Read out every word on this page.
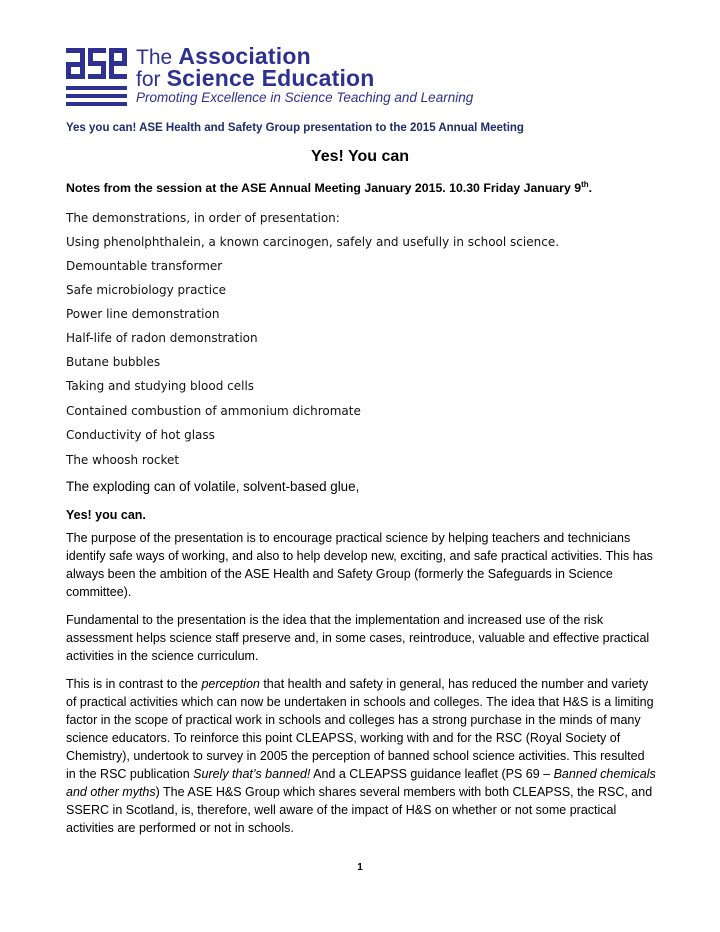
The Association
for Science Education
Promoting Excellence in Science Teaching and Learning
Yes you can! ASE Health and Safety Group presentation to the 2015 Annual Meeting
Yes! You can
Notes from the session at the ASE Annual Meeting January 2015. 10.30 Friday January 9th.
The demonstrations, in order of presentation:
Using phenolphthalein, a known carcinogen, safely and usefully in school science.
Demountable transformer
Safe microbiology practice
Power line demonstration
Half-life of radon demonstration
Butane bubbles
Taking and studying blood cells
Contained combustion of ammonium dichromate
Conductivity of hot glass
The whoosh rocket
The exploding can of volatile, solvent-based glue,
Yes! you can.
The purpose of the presentation is to encourage practical science by helping teachers and technicians identify safe ways of working, and also to help develop new, exciting, and safe practical activities. This has always been the ambition of the ASE Health and Safety Group (formerly the Safeguards in Science committee).
Fundamental to the presentation is the idea that the implementation and increased use of the risk assessment helps science staff preserve and, in some cases, reintroduce, valuable and effective practical activities in the science curriculum.
This is in contrast to the perception that health and safety in general, has reduced the number and variety of practical activities which can now be undertaken in schools and colleges. The idea that H&S is a limiting factor in the scope of practical work in schools and colleges has a strong purchase in the minds of many science educators. To reinforce this point CLEAPSS, working with and for the RSC (Royal Society of Chemistry), undertook to survey in 2005 the perception of banned school science activities. This resulted in the RSC publication Surely that’s banned! And a CLEAPSS guidance leaflet (PS 69 – Banned chemicals and other myths) The ASE H&S Group which shares several members with both CLEAPSS, the RSC, and SSERC in Scotland, is, therefore, well aware of the impact of H&S on whether or not some practical activities are performed or not in schools.
1
